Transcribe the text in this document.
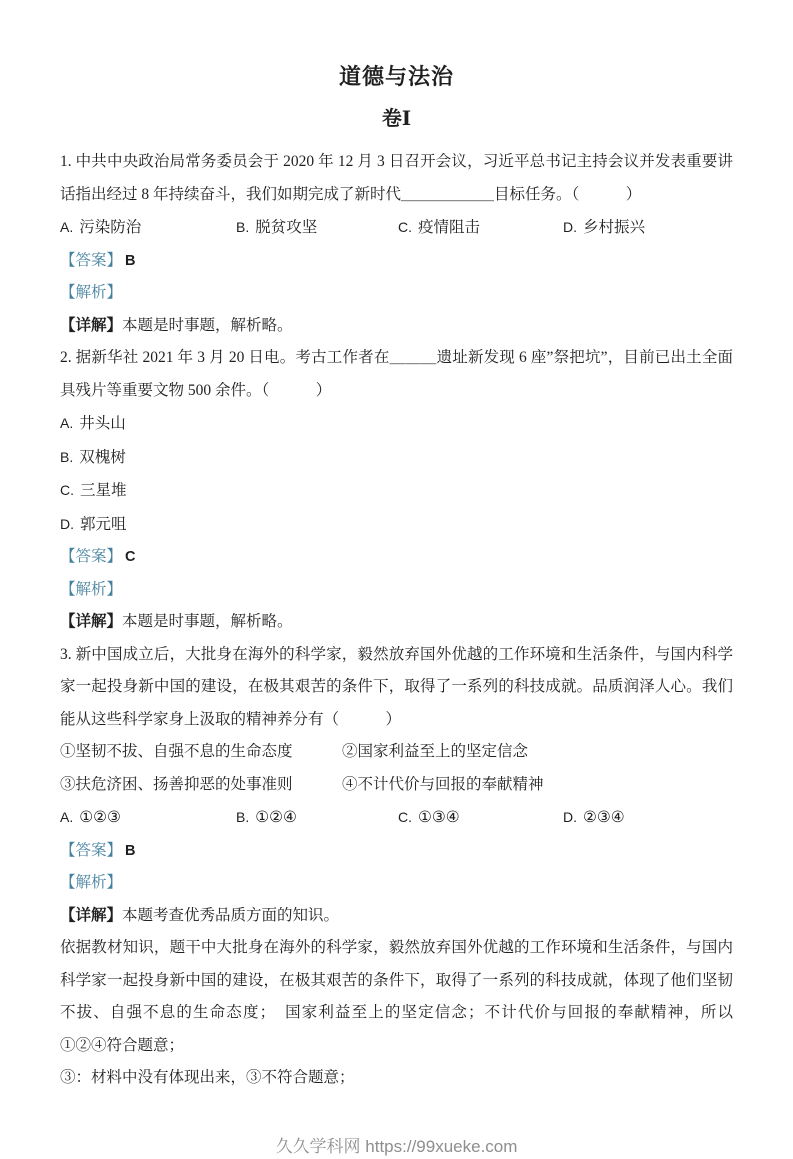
道德与法治
卷Ⅰ

1. 中共中央政治局常务委员会于 2020 年 12 月 3 日召开会议，习近平总书记主持会议并发表重要讲话指出经过 8 年持续奋斗，我们如期完成了新时代＿＿＿＿＿＿目标任务。（　　　）

A. 污染防治	B. 脱贫攻坚	C. 疫情阻击	D. 乡村振兴

【答案】 B

【解析】

【详解】本题是时事题，解析略。

2. 据新华社 2021 年 3 月 20 日电。考古工作者在＿＿＿遗址新发现 6 座”祭把坑”，目前已出土全面具残片等重要文物 500 余件。（　　　）

A. 井头山

B. 双槐树

C. 三星堆

D. 郭元咀

【答案】 C

【解析】

【详解】本题是时事题，解析略。

3. 新中国成立后，大批身在海外的科学家，毅然放弃国外优越的工作环境和生活条件，与国内科学家一起投身新中国的建设，在极其艰苦的条件下，取得了一系列的科技成就。品质润泽人心。我们能从这些科学家身上汲取的精神养分有（　　　）

①坚韧不拔、自强不息的生命态度	②国家利益至上的坚定信念
③扶危济困、扬善抑恶的处事准则	④不计代价与回报的奉献精神
A. ①②③	B. ①②④	C. ①③④	D. ②③④

【答案】 B

【解析】

【详解】本题考查优秀品质方面的知识。

依据教材知识，题干中大批身在海外的科学家，毅然放弃国外优越的工作环境和生活条件，与国内科学家一起投身新中国的建设，在极其艰苦的条件下，取得了一系列的科技成就，体现了他们坚韧不拔、自强不息的生命态度；　国家利益至上的坚定信念；不计代价与回报的奉献精神，所以①②④符合题意；

③：材料中没有体现出来，③不符合题意；

久久学科网 https://99xueke.com
